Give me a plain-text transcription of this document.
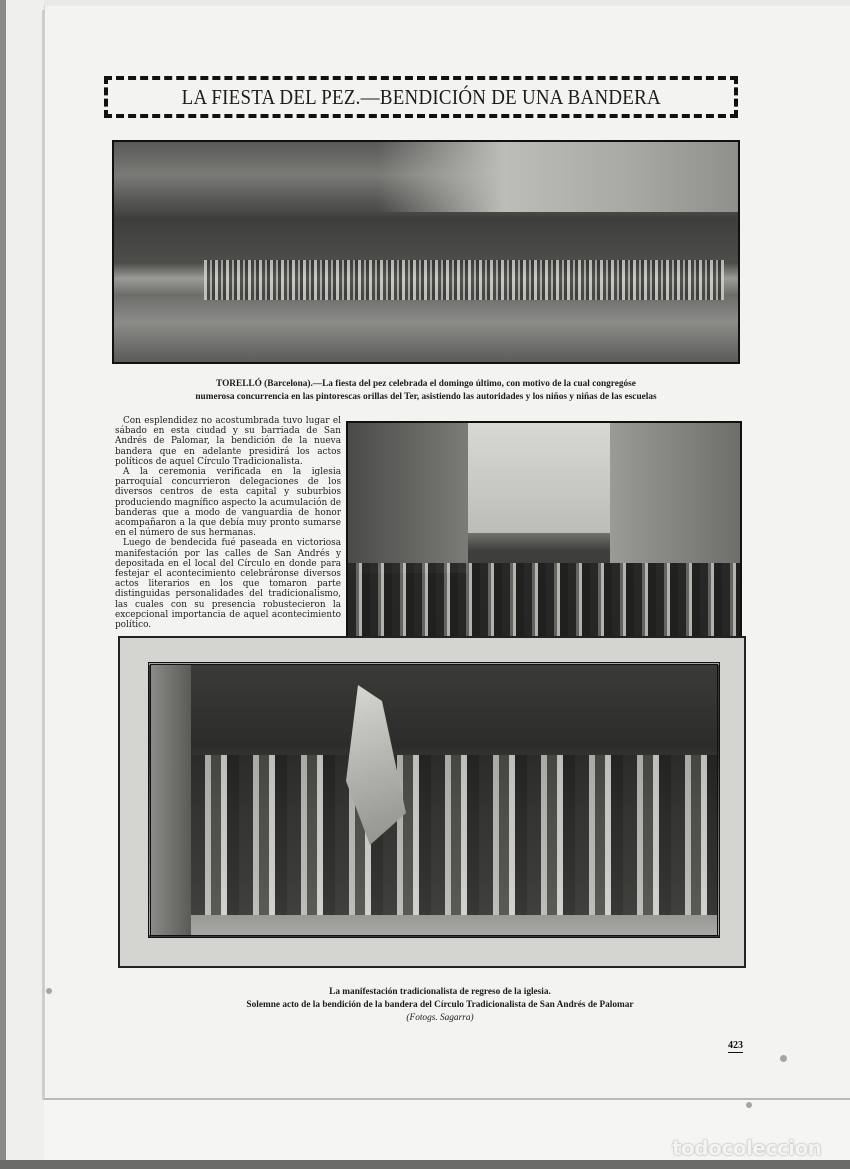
LA FIESTA DEL PEZ.—BENDICIÓN DE UNA BANDERA
TORELLÓ (Barcelona).—La fiesta del pez celebrada el domingo último, con motivo de la cual congregóse
numerosa concurrencia en las pintorescas orillas del Ter, asistiendo las autoridades y los niños y niñas de las escuelas

Con esplendidez no acostumbrada tuvo lugar el sábado en esta ciudad y su barriada de San Andrés de Palomar, la bendición de la nueva bandera que en adelante presidirá los actos políticos de aquel Círculo Tradicionalista.

A la ceremonia verificada en la iglesia parroquial concurrieron delegaciones de los diversos centros de esta capital y suburbios produciendo magnífico aspecto la acumulación de banderas que a modo de vanguardia de honor acompañaron a la que debía muy pronto sumarse en el número de sus hermanas.

Luego de bendecida fué paseada en victoriosa manifestación por las calles de San Andrés y depositada en el local del Círculo en donde para festejar el acontecimiento celebráronse diversos actos literarios en los que tomaron parte distinguidas personalidades del tradicionalismo, las cuales con su presencia robustecieron la excepcional importancia de aquel acontecimiento político.

La manifestación tradicionalista de regreso de la iglesia.
Solemne acto de la bendición de la bandera del Círculo Tradicionalista de San Andrés de Palomar
(Fotogs. Sagarra)
423
todocoleccion
